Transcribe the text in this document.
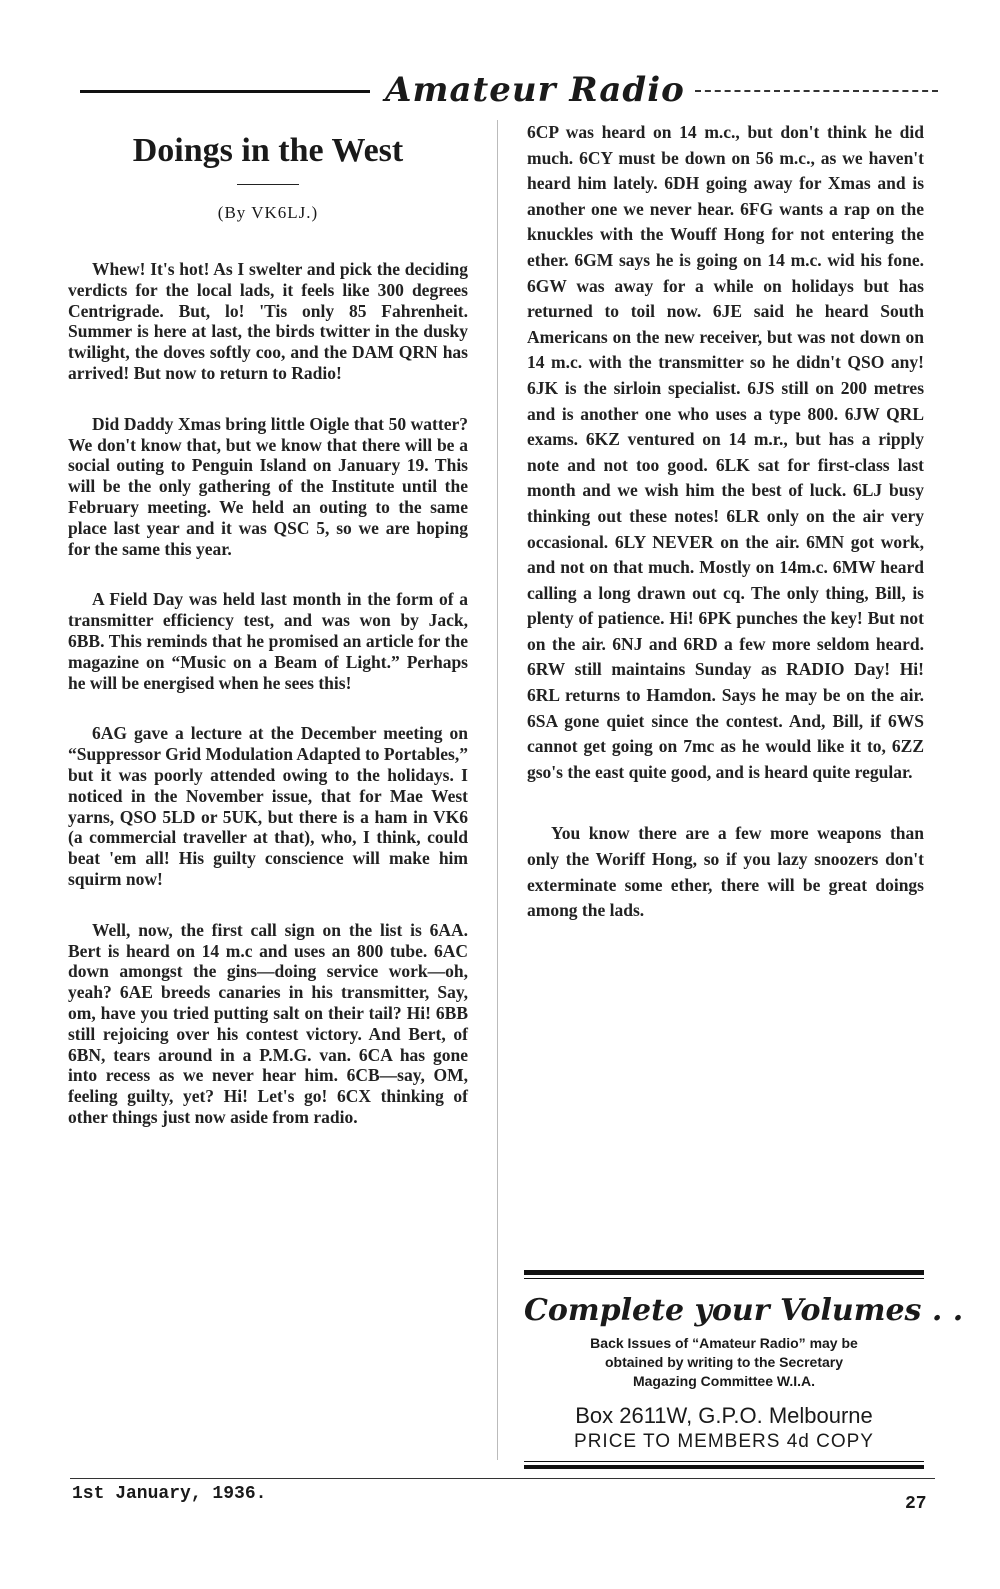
Amateur Radio
Doings in the West
(By VK6LJ.)

Whew! It's hot! As I swelter and pick the deciding verdicts for the local lads, it feels like 300 degrees Centrigrade. But, lo! 'Tis only 85 Fahrenheit. Summer is here at last, the birds twitter in the dusky twilight, the doves softly coo, and the DAM QRN has arrived! But now to return to Radio!

Did Daddy Xmas bring little Oigle that 50 watter? We don't know that, but we know that there will be a social outing to Penguin Island on January 19. This will be the only gathering of the Institute until the February meeting. We held an outing to the same place last year and it was QSC 5, so we are hoping for the same this year.

A Field Day was held last month in the form of a transmitter efficiency test, and was won by Jack, 6BB. This reminds that he promised an article for the magazine on “Music on a Beam of Light.” Perhaps he will be energised when he sees this!

6AG gave a lecture at the December meeting on “Suppressor Grid Modulation Adapted to Portables,” but it was poorly attended owing to the holidays. I noticed in the November issue, that for Mae West yarns, QSO 5LD or 5UK, but there is a ham in VK6 (a commercial traveller at that), who, I think, could beat 'em all! His guilty conscience will make him squirm now!

Well, now, the first call sign on the list is 6AA. Bert is heard on 14 m.c and uses an 800 tube. 6AC down amongst the gins—doing service work—oh, yeah? 6AE breeds canaries in his transmitter, Say, om, have you tried putting salt on their tail? Hi! 6BB still rejoicing over his contest victory. And Bert, of 6BN, tears around in a P.M.G. van. 6CA has gone into recess as we never hear him. 6CB—say, OM, feeling guilty, yet? Hi! Let's go! 6CX thinking of other things just now aside from radio.

6CP was heard on 14 m.c., but don't think he did much. 6CY must be down on 56 m.c., as we haven't heard him lately. 6DH going away for Xmas and is another one we never hear. 6FG wants a rap on the knuckles with the Wouff Hong for not entering the ether. 6GM says he is going on 14 m.c. wid his fone. 6GW was away for a while on holidays but has returned to toil now. 6JE said he heard South Americans on the new receiver, but was not down on 14 m.c. with the transmitter so he didn't QSO any! 6JK is the sirloin specialist. 6JS still on 200 metres and is another one who uses a type 800. 6JW QRL exams. 6KZ ventured on 14 m.r., but has a ripply note and not too good. 6LK sat for first-class last month and we wish him the best of luck. 6LJ busy thinking out these notes! 6LR only on the air very occasional. 6LY NEVER on the air. 6MN got work, and not on that much. Mostly on 14m.c. 6MW heard calling a long drawn out cq. The only thing, Bill, is plenty of patience. Hi! 6PK punches the key! But not on the air. 6NJ and 6RD a few more seldom heard. 6RW still maintains Sunday as RADIO Day! Hi! 6RL returns to Hamdon. Says he may be on the air. 6SA gone quiet since the contest. And, Bill, if 6WS cannot get going on 7mc as he would like it to, 6ZZ gso's the east quite good, and is heard quite regular.

You know there are a few more weapons than only the Woriff Hong, so if you lazy snoozers don't exterminate some ether, there will be great doings among the lads.

Complete your Volumes . .
Back Issues of “Amateur Radio” may be
obtained by writing to the Secretary
Magazing Committee W.I.A.
Box 2611W, G.P.O. Melbourne
PRICE TO MEMBERS 4d COPY
1st January, 1936.	27
